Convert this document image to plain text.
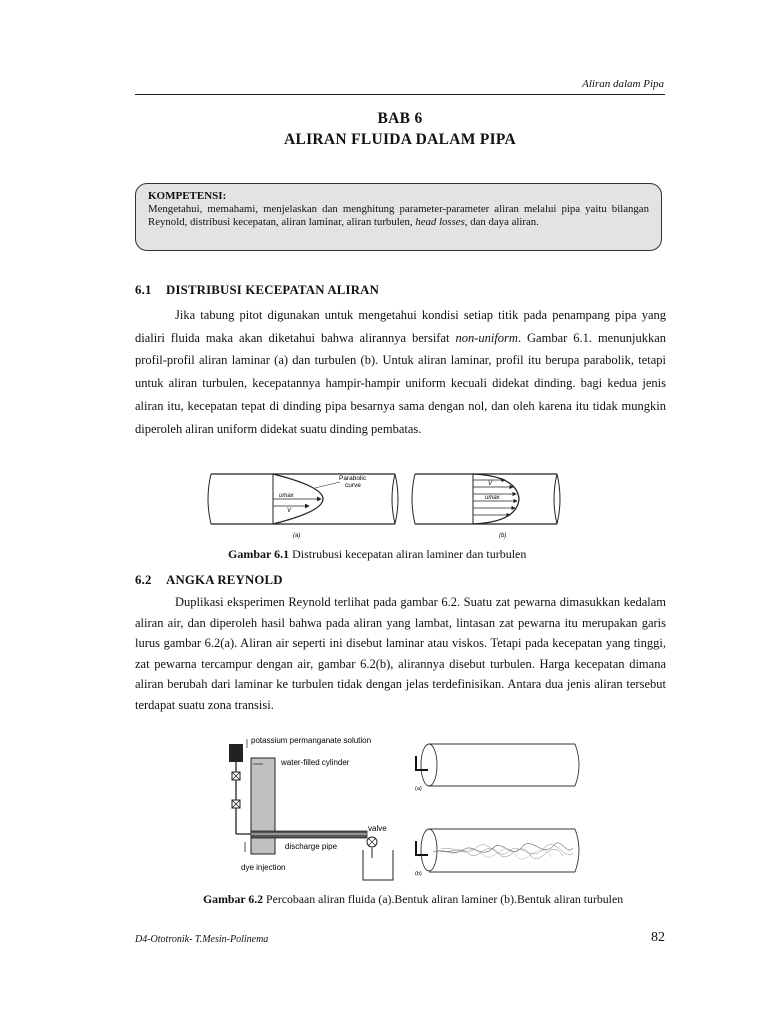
Aliran dalam Pipa
BAB 6
ALIRAN FLUIDA DALAM PIPA
KOMPETENSI:
Mengetahui, memahami, menjelaskan dan menghitung parameter-parameter aliran melalui pipa yaitu bilangan Reynold, distribusi kecepatan, aliran laminar, aliran turbulen, head losses, dan daya aliran.
6.1 DISTRIBUSI KECEPATAN ALIRAN

Jika tabung pitot digunakan untuk mengetahui kondisi setiap titik pada penampang pipa yang dialiri fluida maka akan diketahui bahwa alirannya bersifat non-uniform. Gambar 6.1. menunjukkan profil-profil aliran laminar (a) dan turbulen (b). Untuk aliran laminar, profil itu berupa parabolik, tetapi untuk aliran turbulen, kecepatannya hampir-hampir uniform kecuali didekat dinding. bagi kedua jenis aliran itu, kecepatan tepat di dinding pipa besarnya sama dengan nol, dan oleh karena itu tidak mungkin diperoleh aliran uniform didekat suatu dinding pembatas.

Parabolic
curve
umax
V
(a)
V
umax
(b)
Gambar 6.1 Distrubusi kecepatan aliran laminer dan turbulen
6.2 ANGKA REYNOLD

Duplikasi eksperimen Reynold terlihat pada gambar 6.2. Suatu zat pewarna dimasukkan kedalam aliran air, dan diperoleh hasil bahwa pada aliran yang lambat, lintasan zat pewarna itu merupakan garis lurus gambar 6.2(a). Aliran air seperti ini disebut laminar atau viskos. Tetapi pada kecepatan yang tinggi, zat pewarna tercampur dengan air, gambar 6.2(b), alirannya disebut turbulen. Harga kecepatan dimana aliran berubah dari laminar ke turbulen tidak dengan jelas terdefinisikan. Antara dua jenis aliran tersebut terdapat suatu zona transisi.

potassium permanganate solution
water-filled cylinder
valve
discharge pipe
dye injection
(a)
(b)
Gambar 6.2 Percobaan aliran fluida (a).Bentuk aliran laminer (b).Bentuk aliran turbulen
D4-Ototronik- T.Mesin-Polinema	82
